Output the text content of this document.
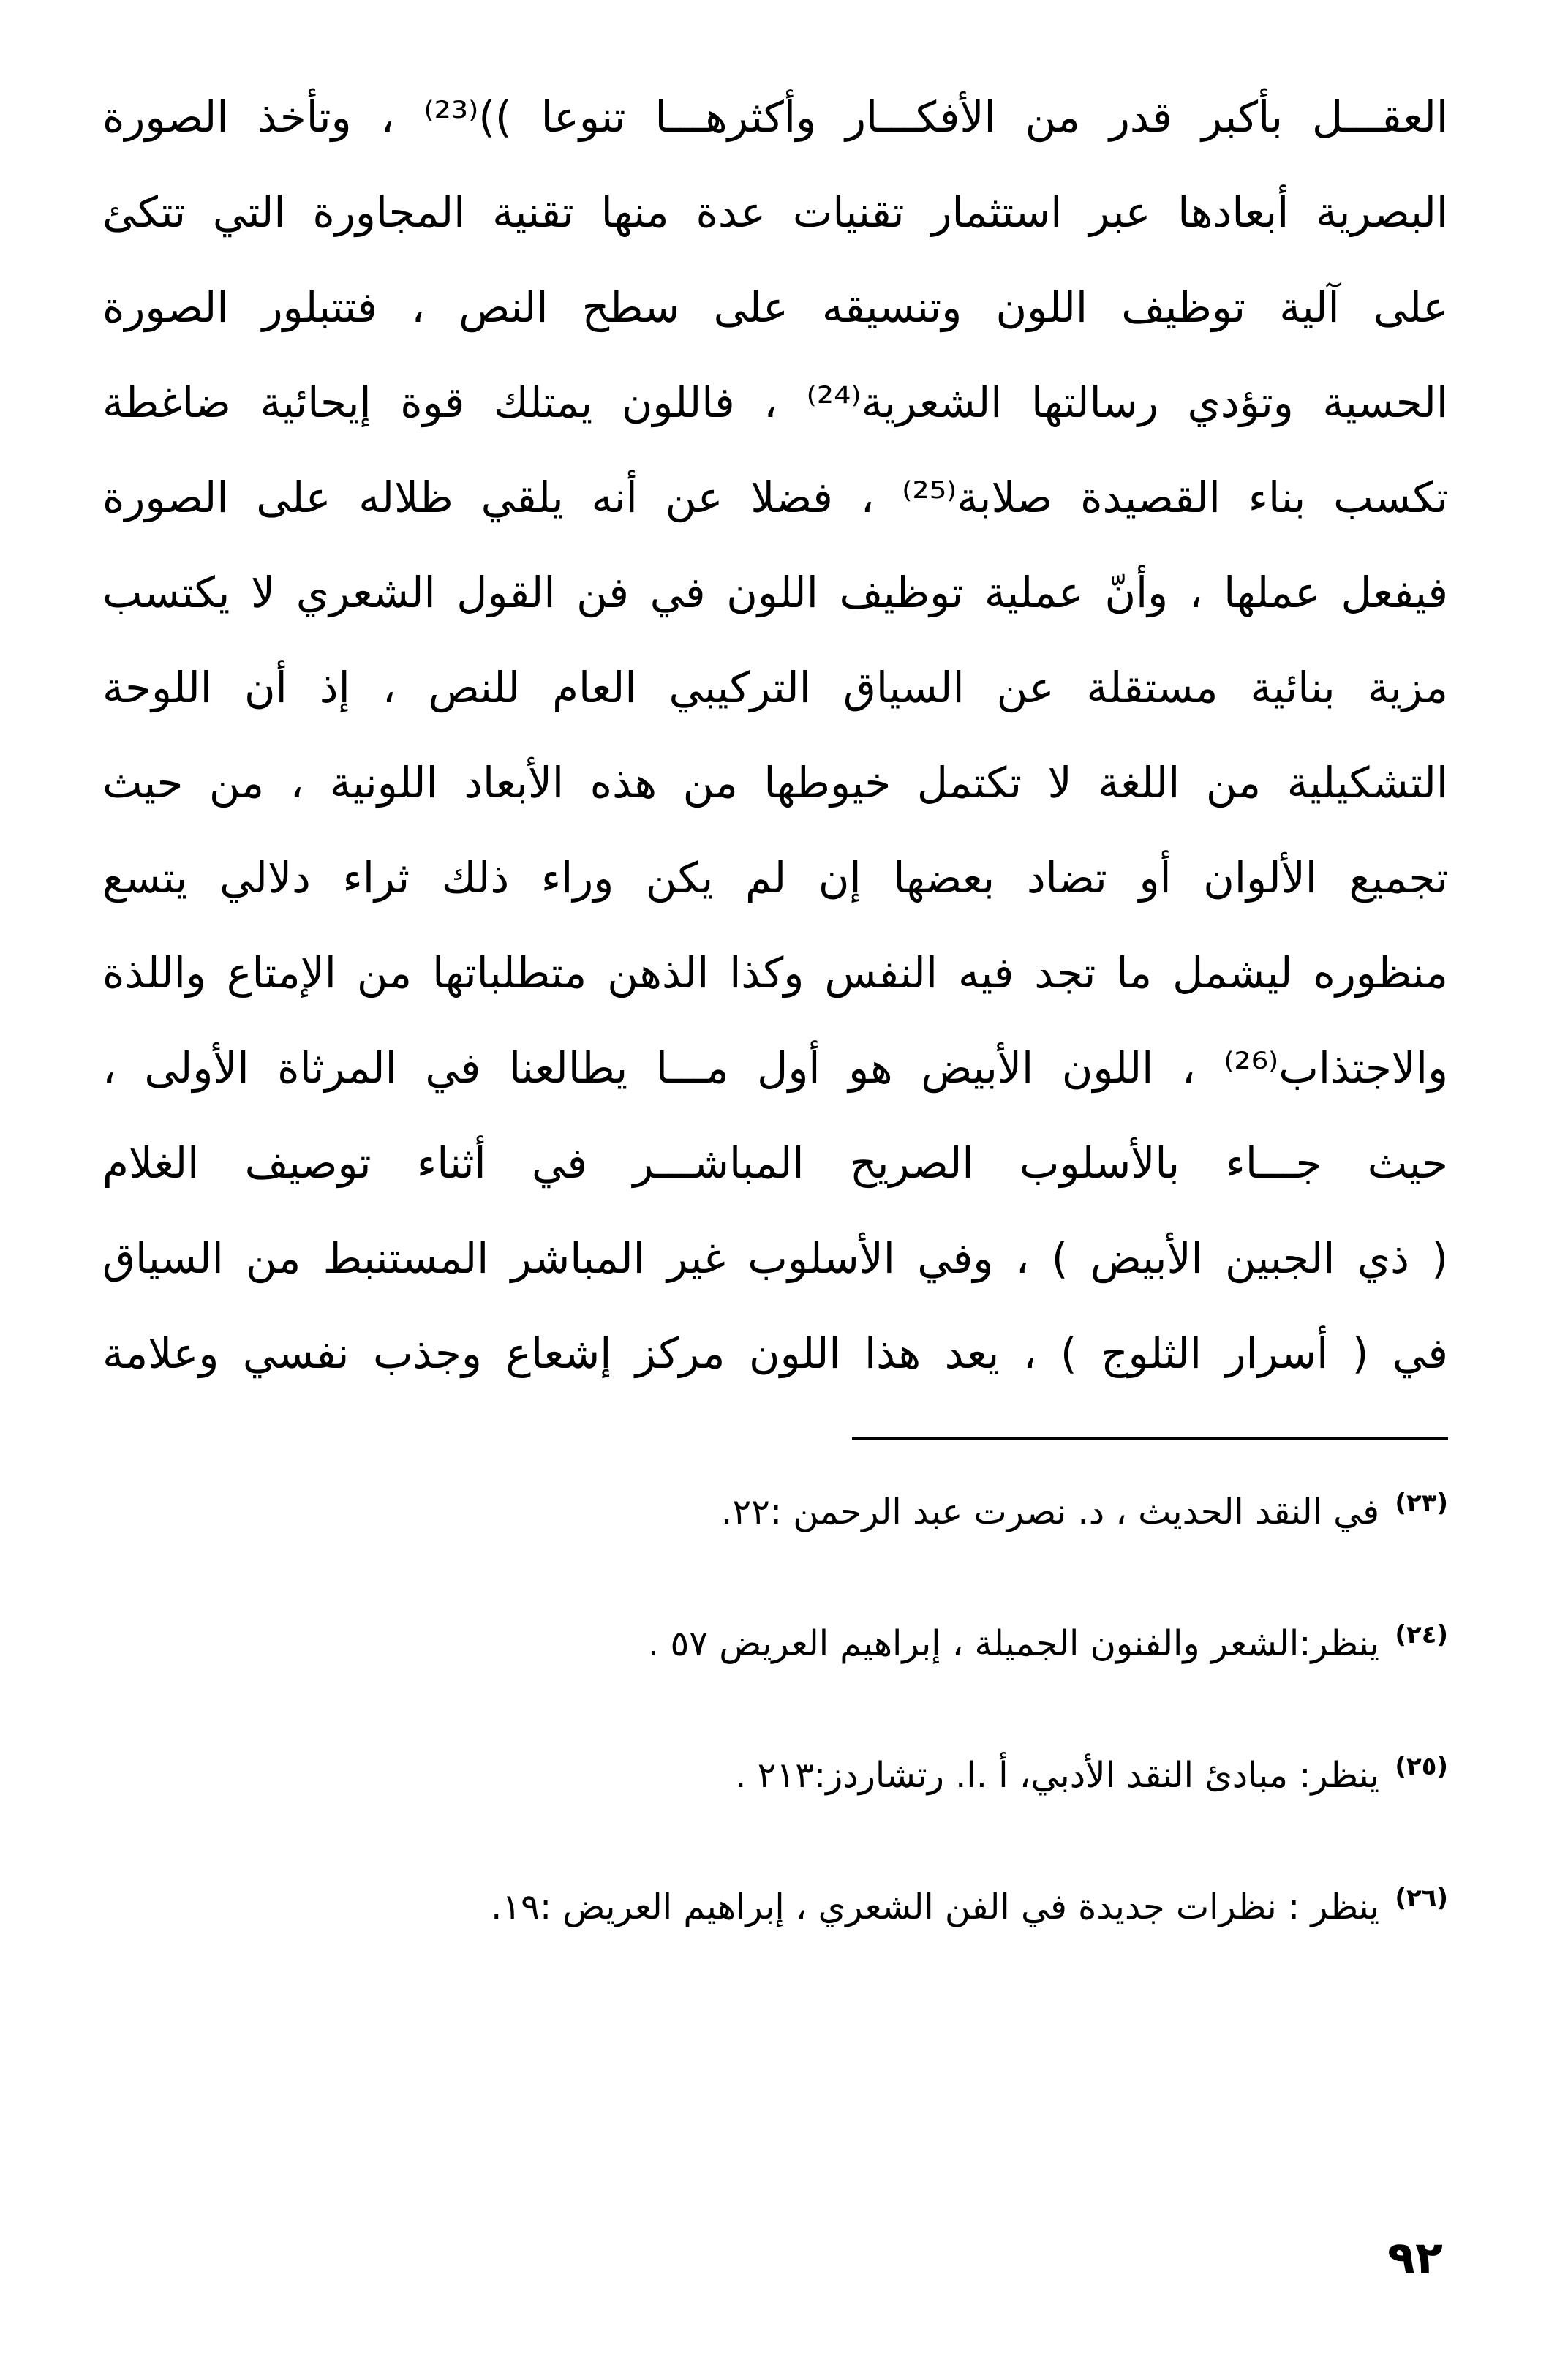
العقـــل بأكبر قدر من الأفكـــار وأكثرهـــا تنوعا ))⁽²³⁾ ، وتأخذ الصورة
البصرية أبعادها عبر استثمار تقنيات عدة منها تقنية المجاورة التي تتكئ
على آلية توظيف اللون وتنسيقه على سطح النص ، فتتبلور الصورة
الحسية وتؤدي رسالتها الشعرية⁽²⁴⁾ ، فاللون يمتلك قوة إيحائية ضاغطة
تكسب بناء القصيدة صلابة⁽²⁵⁾ ، فضلا عن أنه يلقي ظلاله على الصورة
فيفعل عملها ، وأنّ عملية توظيف اللون في فن القول الشعري لا يكتسب
مزية بنائية مستقلة عن السياق التركيبي العام للنص ، إذ أن اللوحة
التشكيلية من اللغة لا تكتمل خيوطها من هذه الأبعاد اللونية ، من حيث
تجميع الألوان أو تضاد بعضها إن لم يكن وراء ذلك ثراء دلالي يتسع
منظوره ليشمل ما تجد فيه النفس وكذا الذهن متطلباتها من الإمتاع واللذة
والاجتذاب⁽²⁶⁾ ، اللون الأبيض هو أول مـــا يطالعنا في المرثاة الأولى ،
حيث جـــاء بالأسلوب الصريح المباشـــر في أثناء توصيف الغلام
( ذي الجبين الأبيض ) ، وفي الأسلوب غير المباشر المستنبط من السياق
في ( أسرار الثلوج ) ، يعد هذا اللون مركز إشعاع وجذب نفسي وعلامة
$^{(٢٣)}$ في النقد الحديث ، د. نصرت عبد الرحمن :٢٢.
$^{(٢٤)}$ ينظر:الشعر والفنون الجميلة ، إبراهيم العريض ٥٧ .
$^{(٢٥)}$ ينظر: مبادئ النقد الأدبي، أ .ا. رتشاردز:٢١٣ .
$^{(٢٦)}$ ينظر : نظرات جديدة في الفن الشعري ، إبراهيم العريض :١٩.
٩٢
